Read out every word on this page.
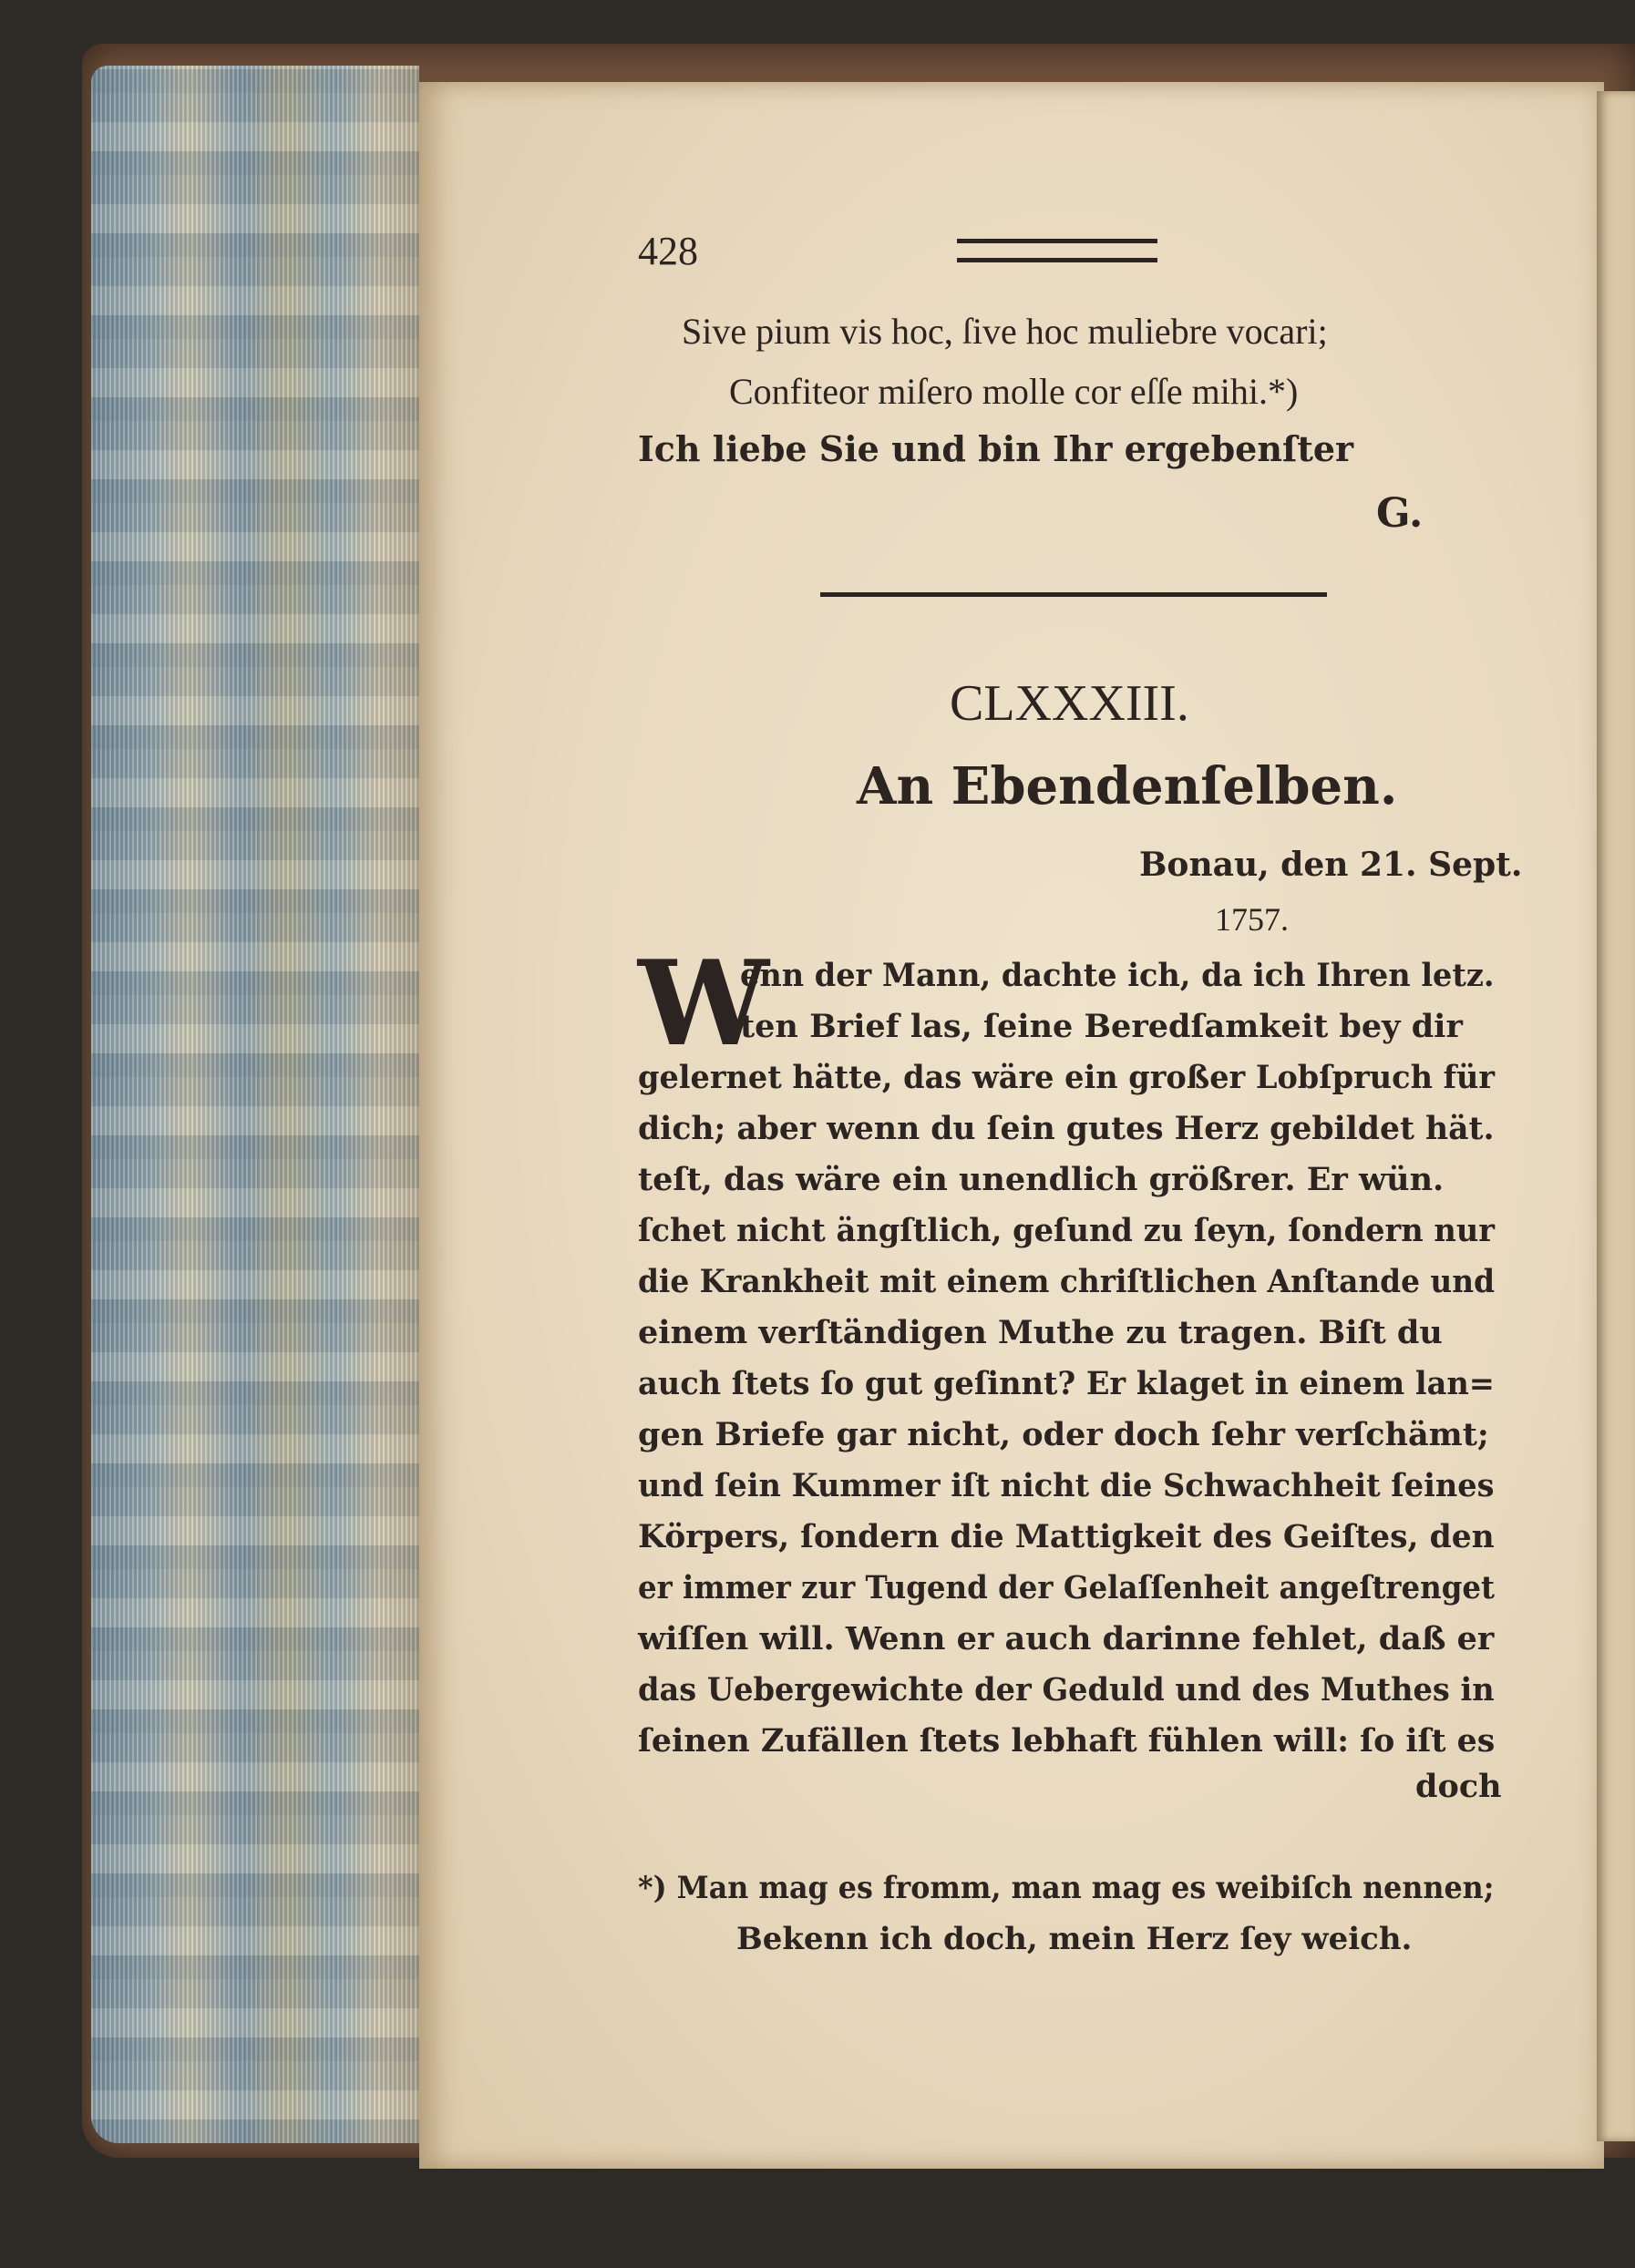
428
Sive pium vis hoc, ſive hoc muliebre vocari;
Confiteor miſero molle cor eſſe mihi.*)
Ich liebe Sie und bin Ihr ergebenſter
G.
CLXXXIII.
An Ebendenſelben.
Bonau, den 21. Sept.
1757.
W
enn der Mann, dachte ich, da ich Ihren letz.
ten Brief las, ſeine Beredſamkeit bey dir
gelernet hätte, das wäre ein großer Lobſpruch für
dich; aber wenn du ſein gutes Herz gebildet hät.
teſt, das wäre ein unendlich größrer. Er wün.
ſchet nicht ängſtlich, geſund zu ſeyn, ſondern nur
die Krankheit mit einem chriſtlichen Anſtande und
einem verſtändigen Muthe zu tragen. Biſt du
auch ſtets ſo gut geſinnt? Er klaget in einem lan=
gen Briefe gar nicht, oder doch ſehr verſchämt;
und ſein Kummer iſt nicht die Schwachheit ſeines
Körpers, ſondern die Mattigkeit des Geiſtes, den
er immer zur Tugend der Gelaſſenheit angeſtrenget
wiſſen will. Wenn er auch darinne fehlet, daß er
das Uebergewichte der Geduld und des Muthes in
ſeinen Zufällen ſtets lebhaft fühlen will: ſo iſt es
doch
*) Man mag es fromm, man mag es weibiſch nennen;
Bekenn ich doch, mein Herz ſey weich.
